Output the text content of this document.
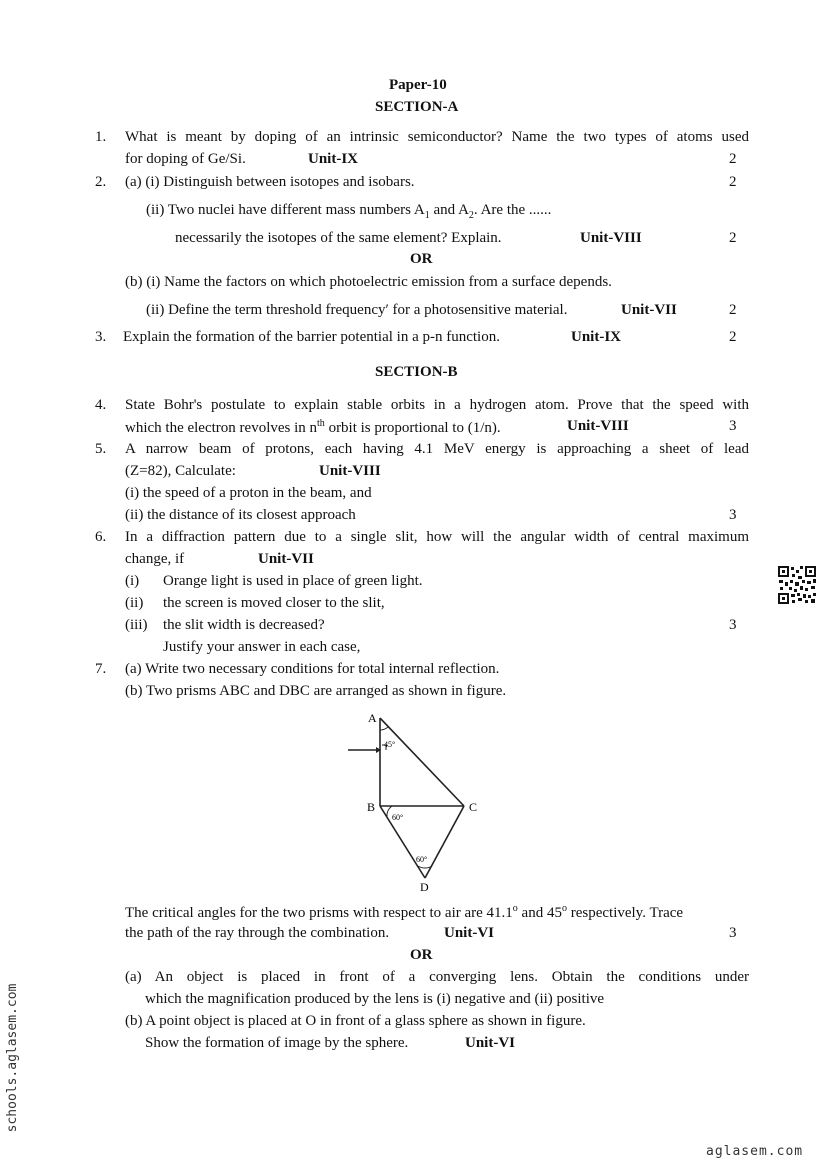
Paper-10
SECTION-A
1. What is meant by doping of an intrinsic semiconductor? Name the two types of atoms used
for doping of Ge/Si.	Unit-IX	2
2. (a) (i) Distinguish between isotopes and isobars.	2
(ii) Two nuclei have different mass numbers $A_1$ and $A_2$. Are the ......
necessarily the isotopes of the same element? Explain.	Unit-VIII	2
OR
(b) (i) Name the factors on which photoelectric emission from a surface depends.
(ii) Define the term threshold frequency′ for a photosensitive material.	Unit-VII	2
3. Explain the formation of the barrier potential in a p-n function.	Unit-IX	2
SECTION-B
4. State Bohr's postulate to explain stable orbits in a hydrogen atom. Prove that the speed with
which the electron revolves in $n^{th}$ orbit is proportional to (1/n).	Unit-VIII	3
5. A narrow beam of protons, each having 4.1 MeV energy is approaching a sheet of lead
(Z=82), Calculate:	Unit-VIII
(i) the speed of a proton in the beam, and
(ii) the distance of its closest approach	3
6. In a diffraction pattern due to a single slit, how will the angular width of central maximum
change, if	Unit-VII
(i) Orange light is used in place of green light.
(ii) the screen is moved closer to the slit,
(iii) the slit width is decreased?	3
Justify your answer in each case,
7. (a) Write two necessary conditions for total internal reflection.
(b) Two prisms ABC and DBC are arranged as shown in figure.
A
B	C
D
45°
60°
60°
The critical angles for the two prisms with respect to air are 41.1$^o$ and 45$^o$ respectively. Trace
the path of the ray through the combination.	Unit-VI	3
OR
(a) An object is placed in front of a converging lens. Obtain the conditions under
which the magnification produced by the lens is (i) negative and (ii) positive
(b) A point object is placed at O in front of a glass sphere as shown in figure.
Show the formation of image by the sphere.	Unit-VI
schools.aglasem.com
aglasem.com
